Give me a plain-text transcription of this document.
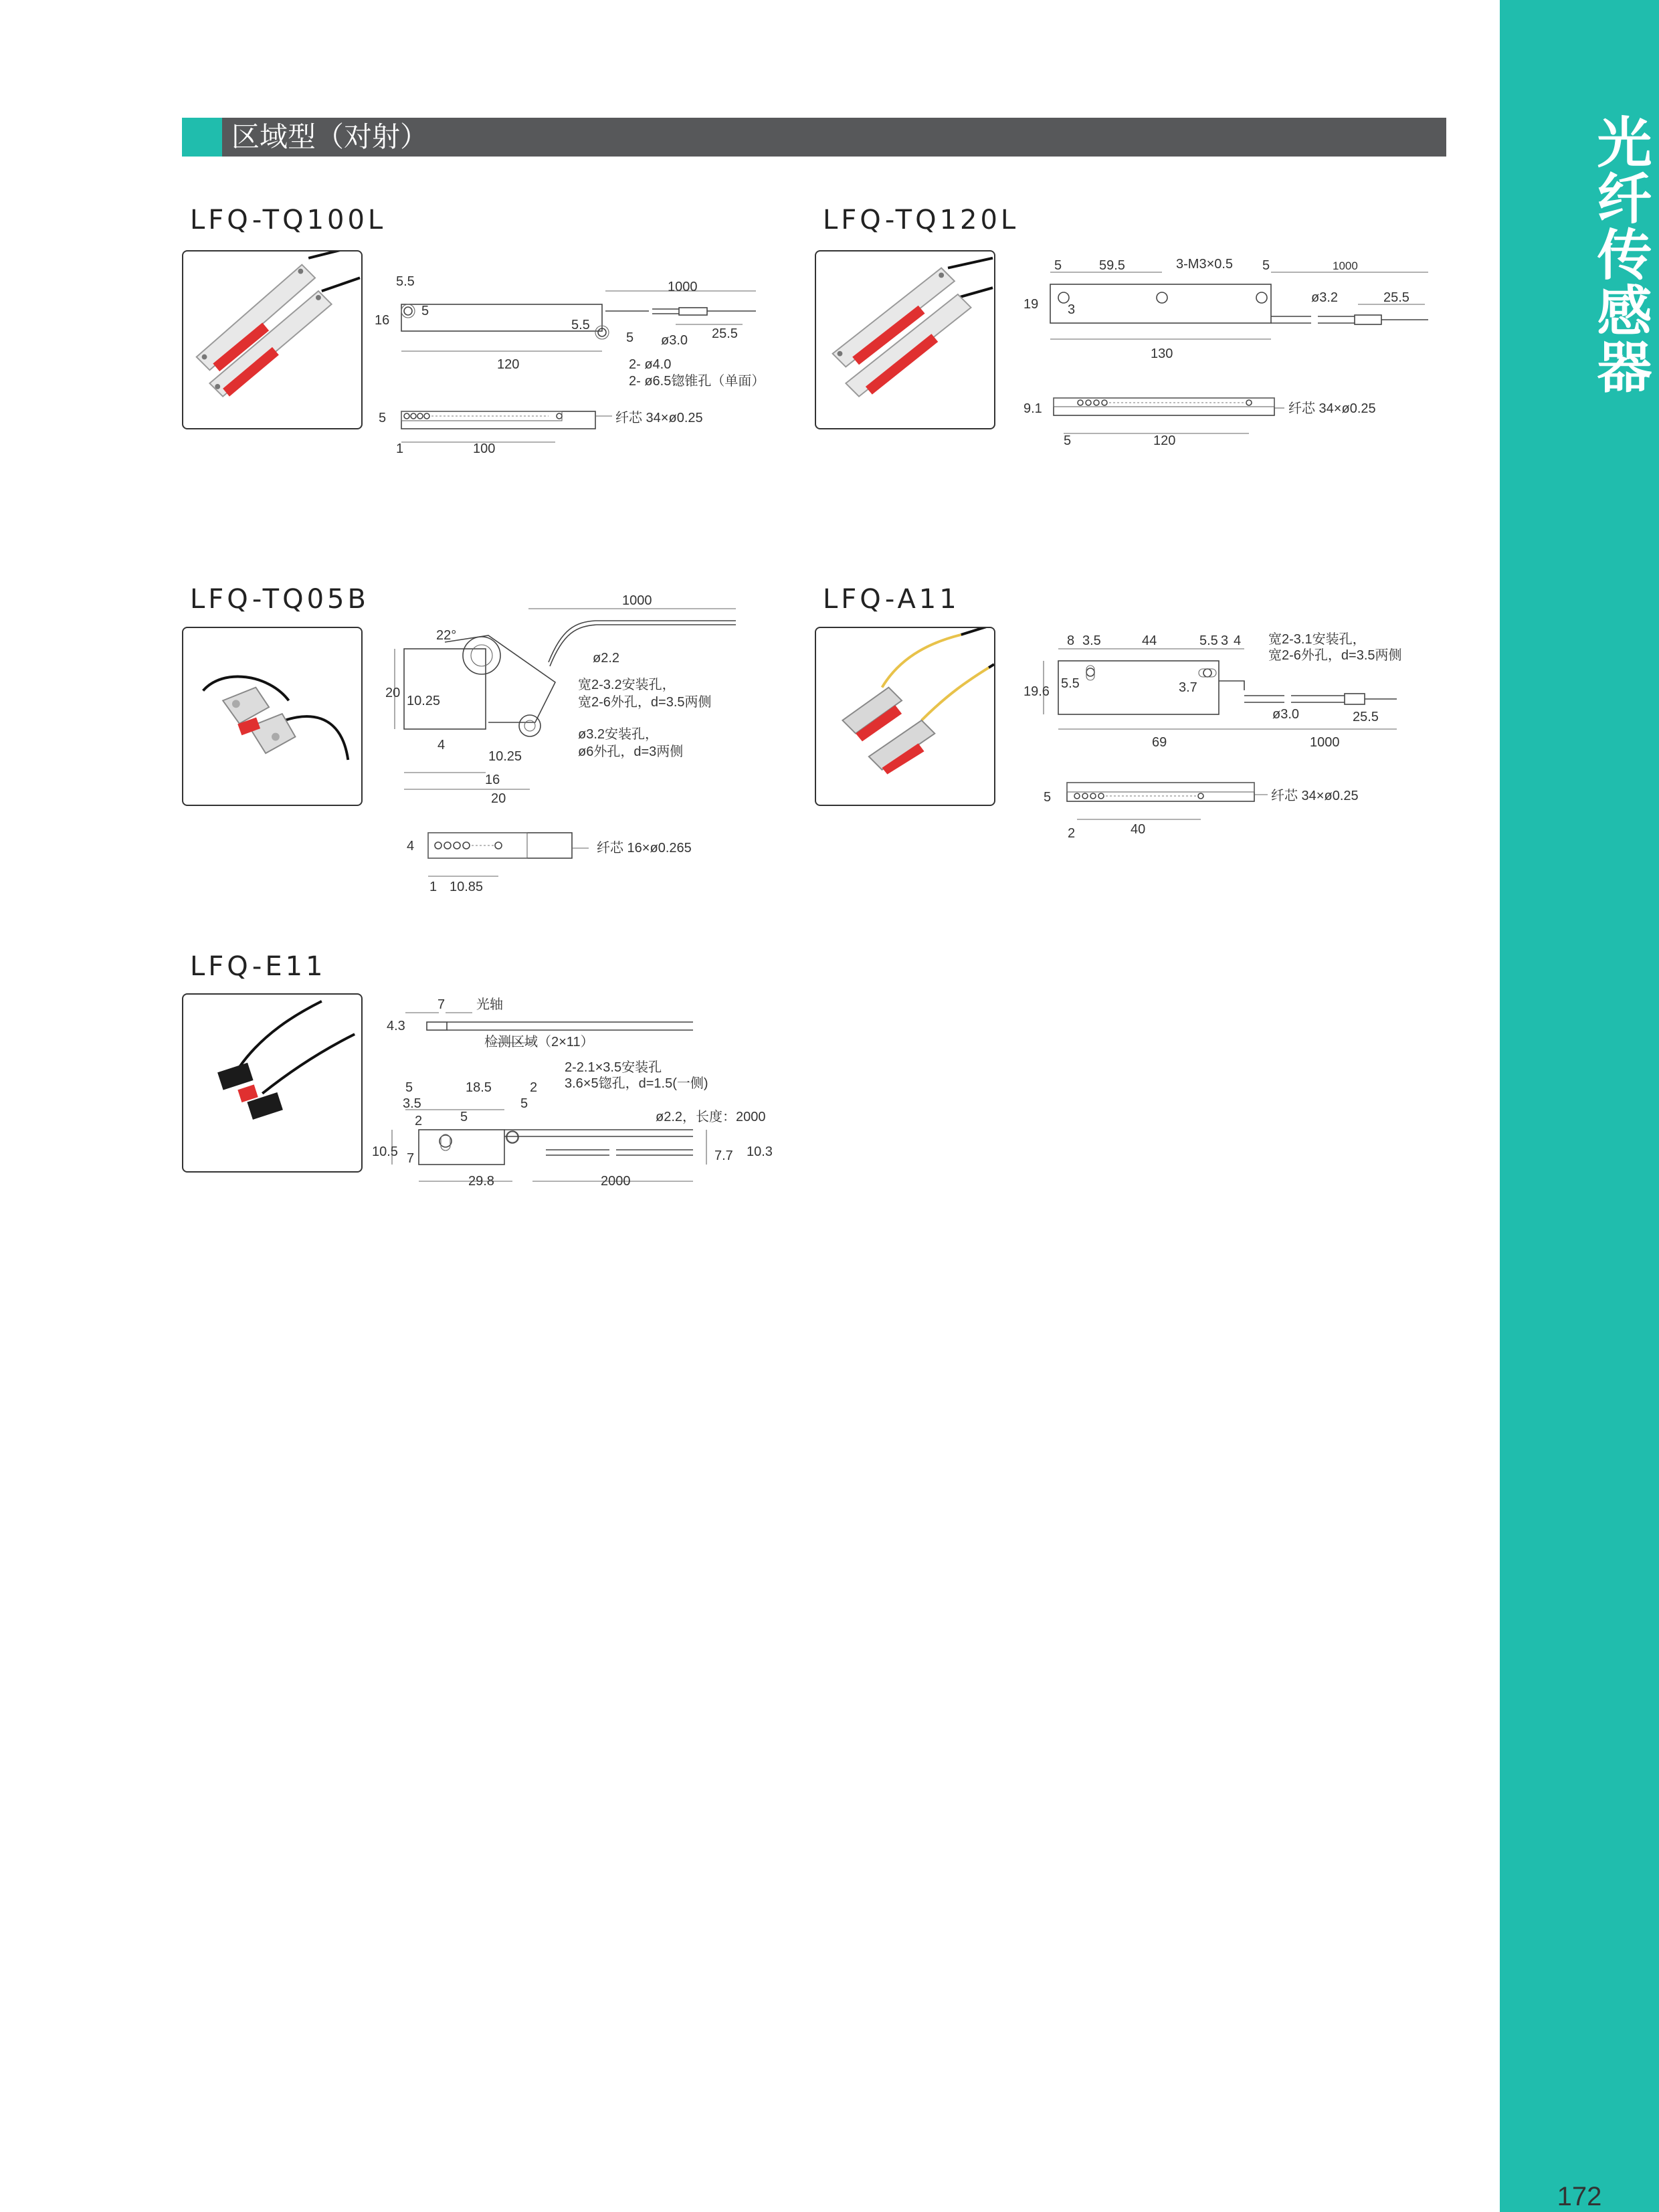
光纤传感器
172
区域型（对射）
LFQ-TQ100L
5.5
5
16
1000
5.5
5 ø3.0 25.5
120	2- ø4.0
2- ø6.5锪锥孔（单面）
5	纤芯 34×ø0.25
1	100
LFQ-TQ120L
5	59.5	3-M3×0.5 5	1000
19 3
ø3.2	25.5
130
9.1	纤芯 34×ø0.25
5	120
LFQ-TQ05B
22°
1000
ø2.2
20
10.25
宽2-3.2安装孔，
宽2-6外孔，d=3.5两侧
4
ø3.2安装孔，
ø6外孔，d=3两侧
10.25
16
20
4	纤芯 16×ø0.265
1 10.85
LFQ-A11
8 3.5	44	5.5 3 4 宽2-3.1安装孔，
宽2-6外孔，d=3.5两侧
5.5	3.7
19.6
ø3.0	25.5
69	1000
5	纤芯 34×ø0.25
2	40
LFQ-E11
7 光轴
4.3
检测区域（2×11）
2-2.1×3.5安装孔
3.6×5锪孔，d=1.5(一侧)
5	18.5	2
3.5	5
2	5	ø2.2，长度：2000
10.5 7	7.7 10.3
29.8	2000
